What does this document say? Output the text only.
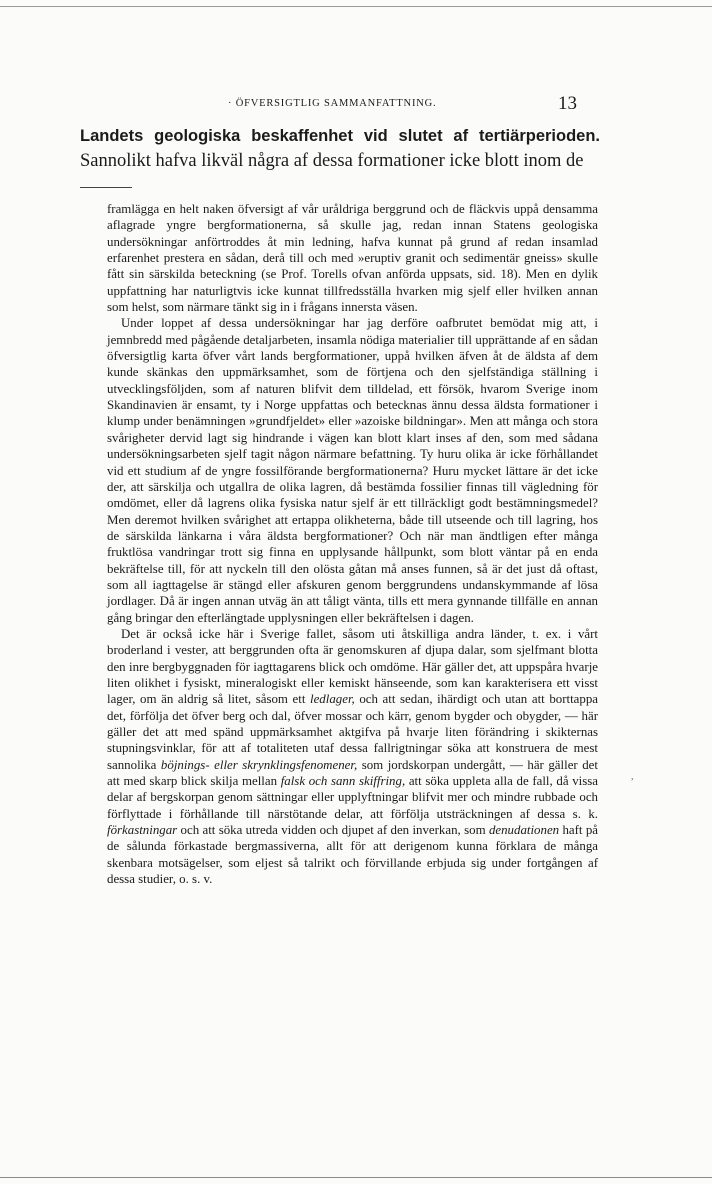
· ÖFVERSIGTLIG SAMMANFATTNING.	13
Landets geologiska beskaffenhet vid slutet af tertiärperioden. Sannolikt hafva likväl några af dessa formationer icke blott inom de

framlägga en helt naken öfversigt af vår uråldriga berggrund och de fläckvis uppå densamma aflagrade yngre bergformationerna, så skulle jag, redan innan Statens geologiska undersökningar anförtroddes åt min ledning, hafva kunnat på grund af redan insamlad erfarenhet prestera en sådan, derå till och med »eruptiv granit och sedimentär gneiss» skulle fått sin särskilda beteckning (se Prof. Torells ofvan anförda uppsats, sid. 18). Men en dylik uppfattning har naturligtvis icke kunnat tillfredsställa hvarken mig sjelf eller hvilken annan som helst, som närmare tänkt sig in i frågans innersta väsen.

Under loppet af dessa undersökningar har jag derföre oafbrutet bemödat mig att, i jemnbredd med pågående detaljarbeten, insamla nödiga materialier till upprättande af en sådan öfversigtlig karta öfver vårt lands bergformationer, uppå hvilken äfven åt de äldsta af dem kunde skänkas den uppmärksamhet, som de förtjena och den sjelfständiga ställning i utvecklingsföljden, som af naturen blifvit dem tilldelad, ett försök, hvarom Sverige inom Skandinavien är ensamt, ty i Norge uppfattas och betecknas ännu dessa äldsta formationer i klump under benämningen »grundfjeldet» eller »azoiske bildningar». Men att många och stora svårigheter dervid lagt sig hindrande i vägen kan blott klart inses af den, som med sådana undersökningsarbeten sjelf tagit någon närmare befattning. Ty huru olika är icke förhållandet vid ett studium af de yngre fossilförande bergformationerna? Huru mycket lättare är det icke der, att särskilja och utgallra de olika lagren, då bestämda fossilier finnas till vägledning för omdömet, eller då lagrens olika fysiska natur sjelf är ett tillräckligt godt bestämningsmedel? Men deremot hvilken svårighet att ertappa olikheterna, både till utseende och till lagring, hos de särskilda länkarna i våra äldsta bergformationer? Och när man ändtligen efter många fruktlösa vandringar trott sig finna en upplysande hållpunkt, som blott väntar på en enda bekräftelse till, för att nyckeln till den olösta gåtan må anses funnen, så är det just då oftast, som all iagttagelse är stängd eller afskuren genom berggrundens undanskymmande af lösa jordlager. Då är ingen annan utväg än att tåligt vänta, tills ett mera gynnande tillfälle en annan gång bringar den efterlängtade upplysningen eller bekräftelsen i dagen.

Det är också icke här i Sverige fallet, såsom uti åtskilliga andra länder, t. ex. i vårt broderland i vester, att berggrunden ofta är genomskuren af djupa dalar, som sjelfmant blotta den inre bergbyggnaden för iagttagarens blick och omdöme. Här gäller det, att uppspåra hvarje liten olikhet i fysiskt, mineralogiskt eller kemiskt hänseende, som kan karakterisera ett visst lager, om än aldrig så litet, såsom ett ledlager, och att sedan, ihärdigt och utan att borttappa det, förfölja det öfver berg och dal, öfver mossar och kärr, genom bygder och obygder, — här gäller det att med spänd uppmärksamhet aktgifva på hvarje liten förändring i skikternas stupningsvinklar, för att af totaliteten utaf dessa fallrigtningar söka att konstruera de mest sannolika böjnings- eller skrynklingsfenomener, som jordskorpan undergått, — här gäller det att med skarp blick skilja mellan falsk och sann skiffring, att söka uppleta alla de fall, då vissa delar af bergskorpan genom sättningar eller upplyftningar blifvit mer och mindre rubbade och förflyttade i förhållande till närstötande delar, att förfölja utsträckningen af dessa s. k. förkastningar och att söka utreda vidden och djupet af den inverkan, som denudationen haft på de sålunda förkastade bergmassiverna, allt för att derigenom kunna förklara de många skenbara motsägelser, som eljest så talrikt och förvillande erbjuda sig under fortgången af dessa studier, o. s. v.

,
